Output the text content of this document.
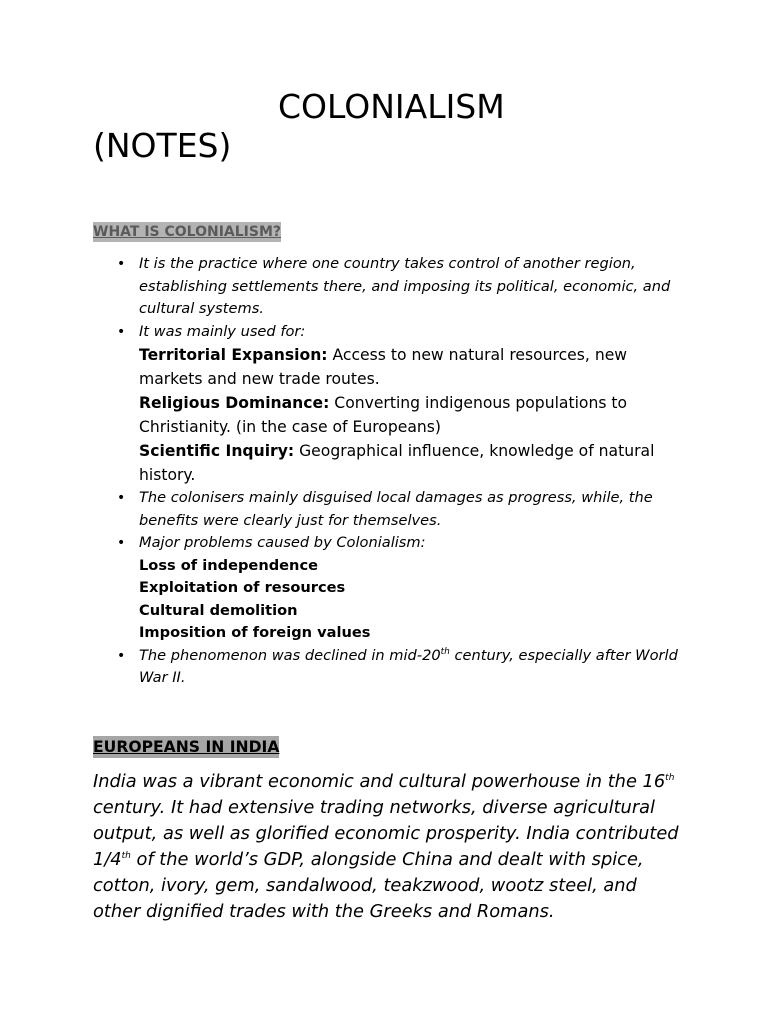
COLONIALISM
(NOTES)
WHAT IS COLONIALISM?
• It is the practice where one country takes control of another region, establishing settlements there, and imposing its political, economic, and cultural systems.
• It was mainly used for:
Territorial Expansion: Access to new natural resources, new markets and new trade routes.
Religious Dominance: Converting indigenous populations to Christianity. (in the case of Europeans)
Scientific Inquiry: Geographical influence, knowledge of natural history.
• The colonisers mainly disguised local damages as progress, while, the benefits were clearly just for themselves.
• Major problems caused by Colonialism:
Loss of independence
Exploitation of resources
Cultural demolition
Imposition of foreign values
• The phenomenon was declined in mid-20th century, especially after World War II.
EUROPEANS IN INDIA
India was a vibrant economic and cultural powerhouse in the 16th century. It had extensive trading networks, diverse agricultural output, as well as glorified economic prosperity. India contributed 1/4th of the world’s GDP, alongside China and dealt with spice, cotton, ivory, gem, sandalwood, teakzwood, wootz steel, and other dignified trades with the Greeks and Romans.
